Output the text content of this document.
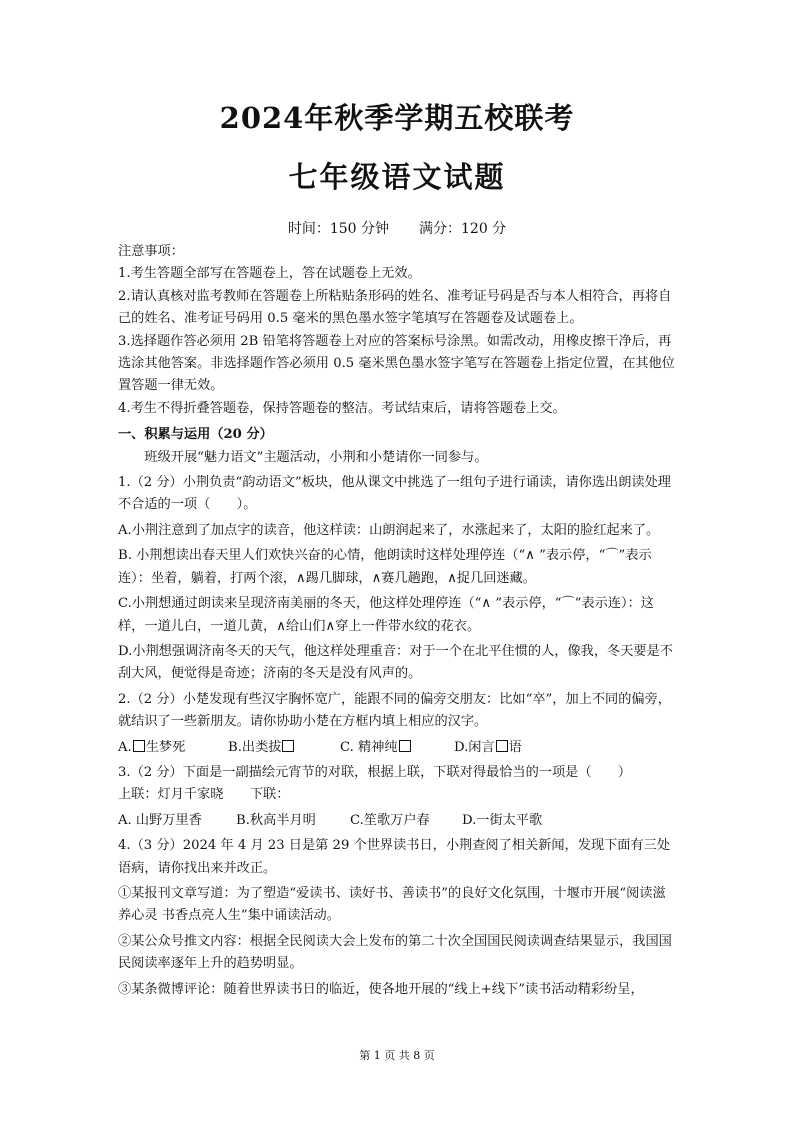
2024年秋季学期五校联考
七年级语文试题
时间：150 分钟 满分：120 分

注意事项：

1.考生答题全部写在答题卷上，答在试题卷上无效。

2.请认真核对监考教师在答题卷上所粘贴条形码的姓名、准考证号码是否与本人相符合，再将自己的姓名、准考证号码用 0.5 毫米的黑色墨水签字笔填写在答题卷及试题卷上。

3.选择题作答必须用 2B 铅笔将答题卷上对应的答案标号涂黑。如需改动，用橡皮擦干净后，再选涂其他答案。非选择题作答必须用 0.5 毫米黑色墨水签字笔写在答题卷上指定位置，在其他位置答题一律无效。

4.考生不得折叠答题卷，保持答题卷的整洁。考试结束后，请将答题卷上交。

一、积累与运用（20 分）

班级开展“魅力语文”主题活动，小荆和小楚请你一同参与。

1.（2 分）小荆负责“韵动语文”板块，他从课文中挑选了一组句子进行诵读，请你选出朗读处理不合适的一项（　　）。

A.小荆注意到了加点字的读音，他这样读：山朗润起来了，水涨起来了，太阳的脸红起来了。

B. 小荆想读出春天里人们欢快兴奋的心情，他朗读时这样处理停连（“∧ ”表示停，“⌒”表示连）：坐着，躺着，打两个滚，∧踢几脚球，∧赛几趟跑，∧捉几回迷藏。

C.小荆想通过朗读来呈现济南美丽的冬天，他这样处理停连（“∧ ”表示停，“⌒”表示连）：这样，一道儿白，一道儿黄，∧给山们∧穿上一件带水纹的花衣。

D.小荆想强调济南冬天的天气，他这样处理重音：对于一个在北平住惯的人，像我，冬天要是不刮大风，便觉得是奇迹；济南的冬天是没有风声的。

2.（2 分）小楚发现有些汉字胸怀宽广，能跟不同的偏旁交朋友：比如“卒”，加上不同的偏旁，就结识了一些新朋友。请你协助小楚在方框内填上相应的汉字。

A.生梦死	B.出类拔	C. 精神纯	D.闲言 语

3.（2 分）下面是一副描绘元宵节的对联，根据上联，下联对得最恰当的一项是（　　）

上联：灯月千家晓　　下联：

A. 山野万里香	B.秋高半月明	C.笙歌万户春	D.一街太平歌

4.（3 分）2024 年 4 月 23 日是第 29 个世界读书日，小荆查阅了相关新闻，发现下面有三处语病，请你找出来并改正。

①某报刊文章写道：为了塑造“爱读书、读好书、善读书”的良好文化氛围，十堰市开展“阅读滋养心灵 书香点亮人生”集中诵读活动。

②某公众号推文内容：根据全民阅读大会上发布的第二十次全国国民阅读调查结果显示，我国国民阅读率逐年上升的趋势明显。

③某条微博评论：随着世界读书日的临近，使各地开展的“线上+线下”读书活动精彩纷呈，

第 1 页 共 8 页
